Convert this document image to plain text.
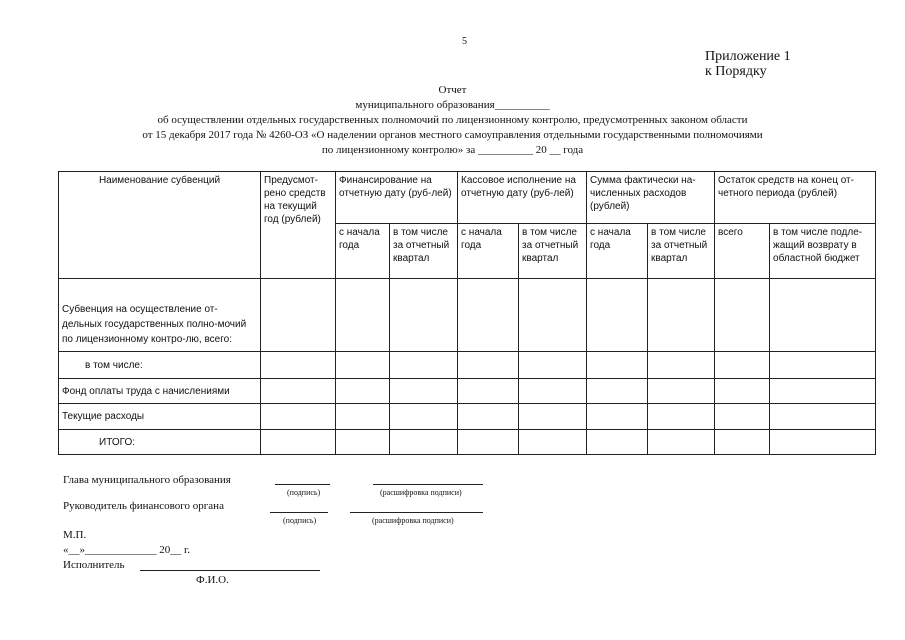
5
Приложение 1
к Порядку
Отчет
муниципального образования__________
об осуществлении отдельных государственных полномочий по лицензионному контролю, предусмотренных законом области
от 15 декабря 2017 года № 4260-ОЗ «О наделении органов местного самоуправления отдельными государственными полномочиями
по лицензионному контролю» за __________ 20 __ года
Наименование субвенций	Предусмот-рено средств на текущий год (рублей)	Финансирование на отчетную дату (руб-лей)		Кассовое исполнение на отчетную дату (руб-лей)		Сумма фактически на-численных расходов (рублей)		Остаток средств на конец от-четного периода (рублей)	
		с начала года	в том числе за отчетный квартал	с начала года	в том числе за отчетный квартал	с начала года	в том числе за отчетный квартал	всего	в том числе подле-жащий возврату в областной бюджет
Субвенция на осуществление от-дельных государственных полно-мочий по лицензионному контро-лю, всего:									
в том числе:									
Фонд оплаты труда с начислениями									
Текущие расходы									
ИТОГО:									
Глава муниципального образования
(подпись)	(расшифровка подписи)
Руководитель финансового органа
(подпись)	(расшифровка подписи)
М.П.
«__»_____________ 20__ г.
Исполнитель
Ф.И.О.
